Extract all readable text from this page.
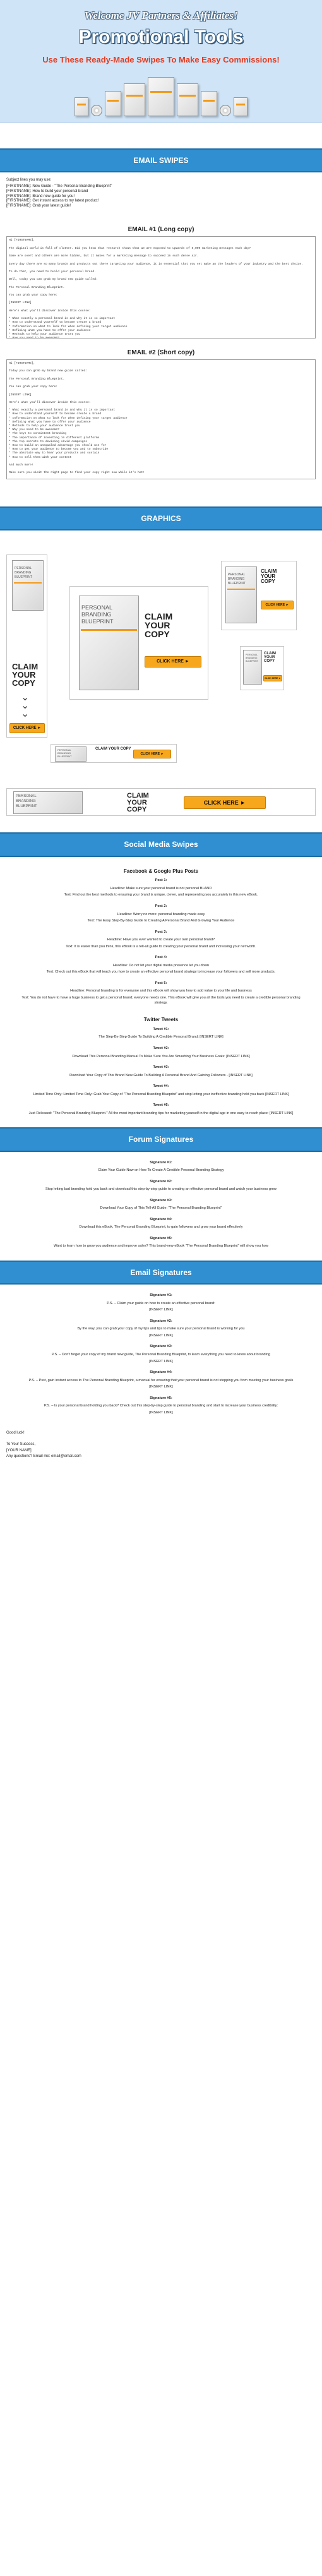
Welcome JV Partners & Affiliates!
Promotional Tools
Use These Ready-Made Swipes To Make Easy Commissions!
EMAIL SWIPES
Subject lines you may use:
[FIRSTNAME]: New Guide - "The Personal Branding Blueprint"
[FIRSTNAME]: How to build your personal brand
[FIRSTNAME]: Brand new guide for you!
[FIRSTNAME]: Get instant access to my latest product!
[FIRSTNAME]: Grab your latest guide!
EMAIL #1 (Long copy)
Hi [FIRSTNAME], The digital world is full of clutter. Did you know that research shows that we are exposed to upwards of 5,000 marketing messages each day? Some are overt and others are more hidden, but it makes for a marketing message to succeed in such dense air. Every day there are so many brands and products out there targeting your audience, it is essential that you set make an the leaders of your industry and the best choice. To do that, you need to build your personal brand. Well, today you can grab my brand new guide called: The Personal Branding Blueprint. You can grab your copy here: [INSERT LINK] Here's what you'll discover inside this course: * What exactly a personal brand is and why it is so important * How to understand yourself to become create a brand * Information on what to look for when defining your target audience * Defining what you have to offer your audience * Methods to help your audience trust you * How you need to be awesome? * The keys to consistent branding
EMAIL #2 (Short copy)
Hi [FIRSTNAME], Today you can grab my brand new guide called: The Personal Branding Blueprint. You can grab your copy here: [INSERT LINK] Here's what you'll discover inside this course: * What exactly a personal brand is and why it is so important * How to understand yourself to become create a brand * Information on what to look for when defining your target audience * Defining what you have to offer your audience * Methods to help your audience trust you * Why you need to be awesome? * The keys to consistent branding * The importance of investing in different platforms * The top secrets to devising vivid campaigns * How to build an unequaled advantage you should use for * How to get your audience to become you and to subscribe * The absolute way to hear your products and sustain * How to sell them with your content And much more! Make sure you visit the right page to find your copy right now while it's hot!
GRAPHICS
PERSONAL
BRANDING
BLUEPRINT
CLAIM
YOUR
COPY
⌄
⌄
⌄
CLICK HERE ►
PERSONAL
BRANDING
BLUEPRINT	CLAIM
YOUR
COPY
CLICK HERE ►
PERSONAL
BRANDING
BLUEPRINT
CLAIM
YOUR
COPY
CLICK HERE ►
PERSONAL
BRANDING
BLUEPRINT
CLAIM
YOUR
COPY
CLICK HERE ►
PERSONAL
BRANDING
BLUEPRINT
CLAIM YOUR COPY
CLICK HERE ►
PERSONAL
BRANDING
BLUEPRINT
CLAIM
YOUR
COPY
CLICK HERE ►
Social Media Swipes
Facebook & Google Plus Posts
Post 1:
Headline: Make sure your personal brand is not personal BLAND
Text: Find out the best methods to ensuring your brand is unique, clever, and representing you accurately in this new eBook.
Post 2:
Headline: Worry no more: personal branding made easy
Text: The Easy Step-By-Step Guide to Creating A Personal Brand And Growing Your Audience
Post 3:
Headline: Have you ever wanted to create your own personal brand?
Text: It is easier than you think, this eBook is a tell-all guide to creating your personal brand and increasing your net worth.
Post 4:
Headline: Do not let your digital media presence let you down
Text: Check out this eBook that will teach you how to create an effective personal brand strategy to increase your followers and sell more products.
Post 5:
Headline: Personal branding is for everyone and this eBook will show you how to add value to your life and business
Text: You do not have to have a huge business to get a personal brand; everyone needs one. This eBook will give you all the tools you need to create a credible personal branding strategy.
Twitter Tweets
Tweet #1:
The Step-By-Step Guide To Building A Credible Personal Brand: [INSERT LINK]
Tweet #2:
Download This Personal Branding Manual To Make Sure You Are Smashing Your Business Goals: [INSERT LINK]
Tweet #3:
Download Your Copy of This Brand New Guide To Building A Personal Brand And Gaining Followers - [INSERT LINK]
Tweet #4:
Limited Time Only: Limited Time Only: Grab Your Copy of "The Personal Branding Blueprint" and stop letting your ineffective branding hold you back [INSERT LINK]
Tweet #5:
Just Released: "The Personal Branding Blueprint." All the most important branding tips for marketing yourself in the digital age in one easy to reach place: [INSERT LINK]
Forum Signatures
Signature #1:
Claim Your Guide Now on How To Create A Credible Personal Branding Strategy
Signature #2:
Stop letting bad branding hold you back and download this step-by-step guide to creating an effective personal brand and watch your business grow
Signature #3:
Download Your Copy of This Tell-All Guide: "The Personal Branding Blueprint"
Signature #4:
Download this eBook, The Personal Branding Blueprint, to gain followers and grow your brand effectively
Signature #5:
Want to learn how to grow you audience and improve sales? This brand-new eBook "The Personal Branding Blueprint" will show you how
Email Signatures
Signature #1:
P.S. – Claim your guide on how to create an effective personal brand:
[INSERT LINK]
Signature #2:
By the way, you can grab your copy of my tips and tips to make sure your personal brand is working for you
[INSERT LINK]
Signature #3:
P.S. – Don't forget your copy of my brand new guide, The Personal Branding Blueprint, to learn everything you need to know about branding
[INSERT LINK]
Signature #4:
P.S. – Psst, gain instant access to The Personal Branding Blueprint, a manual for ensuring that your personal brand is not stopping you from meeting your business goals
[INSERT LINK]
Signature #5:
P.S. – Is your personal brand holding you back? Check out this step-by-step guide to personal branding and start to increase your business credibility:
[INSERT LINK]
Good luck!
To Your Success,
[YOUR NAME]
Any questions? Email me: email@email.com
